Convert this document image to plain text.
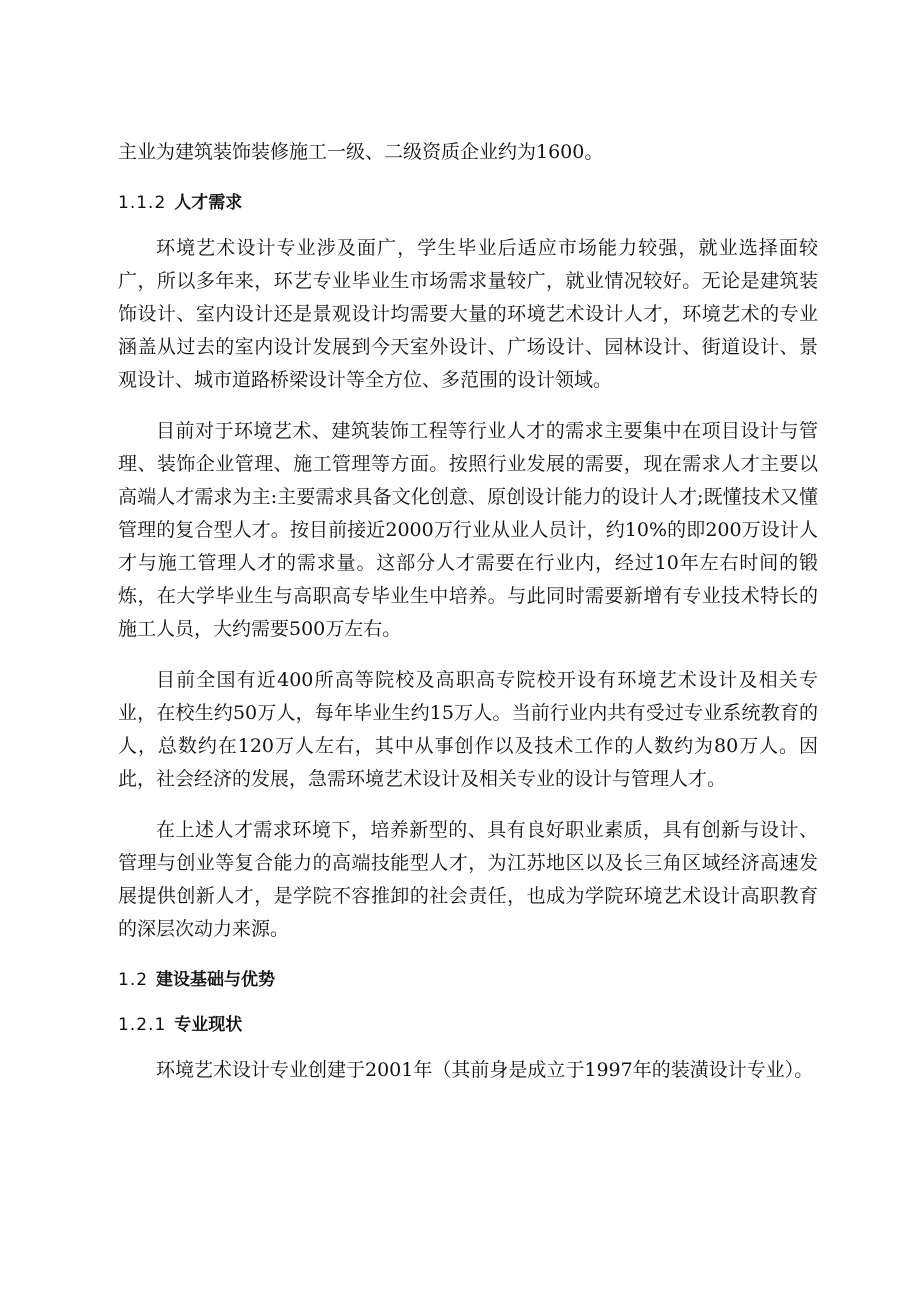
主业为建筑装饰装修施工一级、二级资质企业约为1600。

1.1.2 人才需求

环境艺术设计专业涉及面广，学生毕业后适应市场能力较强，就业选择面较广，所以多年来，环艺专业毕业生市场需求量较广，就业情况较好。无论是建筑装饰设计、室内设计还是景观设计均需要大量的环境艺术设计人才，环境艺术的专业涵盖从过去的室内设计发展到今天室外设计、广场设计、园林设计、街道设计、景观设计、城市道路桥梁设计等全方位、多范围的设计领域。

目前对于环境艺术、建筑装饰工程等行业人才的需求主要集中在项目设计与管理、装饰企业管理、施工管理等方面。按照行业发展的需要，现在需求人才主要以高端人才需求为主:主要需求具备文化创意、原创设计能力的设计人才;既懂技术又懂管理的复合型人才。按目前接近2000万行业从业人员计，约10%的即200万设计人才与施工管理人才的需求量。这部分人才需要在行业内，经过10年左右时间的锻炼，在大学毕业生与高职高专毕业生中培养。与此同时需要新增有专业技术特长的施工人员，大约需要500万左右。

目前全国有近400所高等院校及高职高专院校开设有环境艺术设计及相关专业，在校生约50万人，每年毕业生约15万人。当前行业内共有受过专业系统教育的人，总数约在120万人左右，其中从事创作以及技术工作的人数约为80万人。因此，社会经济的发展，急需环境艺术设计及相关专业的设计与管理人才。

在上述人才需求环境下，培养新型的、具有良好职业素质，具有创新与设计、管理与创业等复合能力的高端技能型人才，为江苏地区以及长三角区域经济高速发展提供创新人才，是学院不容推卸的社会责任，也成为学院环境艺术设计高职教育的深层次动力来源。

1.2 建设基础与优势

1.2.1 专业现状

环境艺术设计专业创建于2001年（其前身是成立于1997年的装潢设计专业）。
